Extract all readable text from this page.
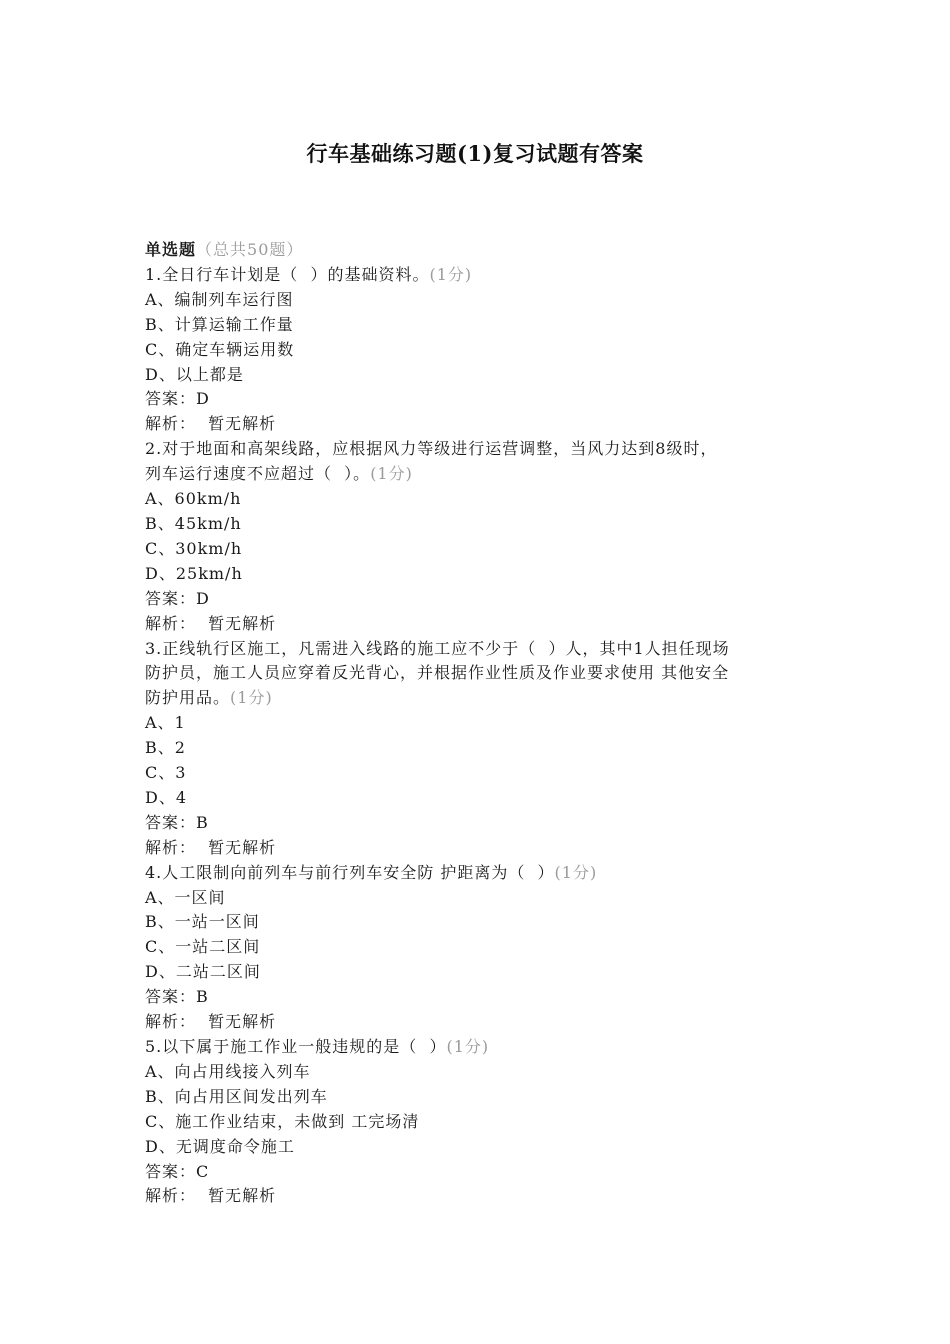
行车基础练习题(1)复习试题有答案
单选题（总共50题）
1.全日行车计划是（  ）的基础资料。(1分)
A、编制列车运行图
B、计算运输工作量
C、确定车辆运用数
D、以上都是
答案：D
解析：  暂无解析
2.对于地面和高架线路，应根据风力等级进行运营调整，当风力达到8级时，
列车运行速度不应超过（  ）。(1分)
A、60km/h
B、45km/h
C、30km/h
D、25km/h
答案：D
解析：  暂无解析
3.正线轨行区施工，凡需进入线路的施工应不少于（  ）人，其中1人担任现场
防护员，施工人员应穿着反光背心，并根据作业性质及作业要求使用 其他安全
防护用品。(1分)
A、1
B、2
C、3
D、4
答案：B
解析：  暂无解析
4.人工限制向前列车与前行列车安全防 护距离为（  ）(1分)
A、一区间
B、一站一区间
C、一站二区间
D、二站二区间
答案：B
解析：  暂无解析
5.以下属于施工作业一般违规的是（  ）(1分)
A、向占用线接入列车
B、向占用区间发出列车
C、施工作业结束，未做到 工完场清
D、无调度命令施工
答案：C
解析：  暂无解析
